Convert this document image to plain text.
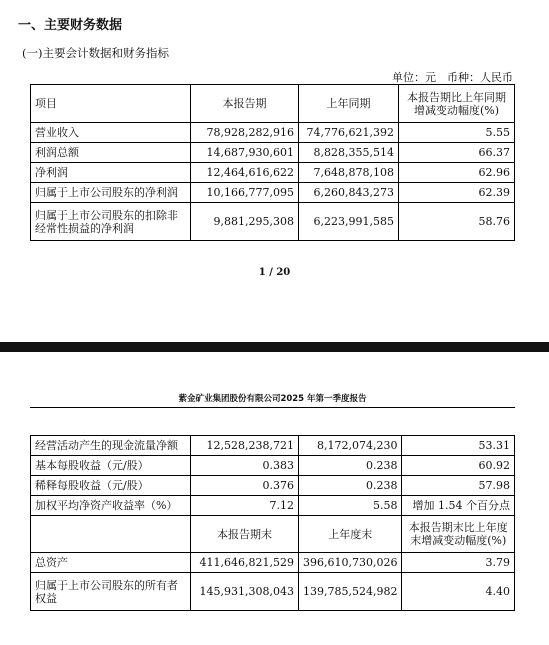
一、主要财务数据
(一)主要会计数据和财务指标
单位：元　币种：人民币
项目	本报告期	上年同期	本报告期比上年同期增减变动幅度(%)
营业收入	78,928,282,916	74,776,621,392	5.55
利润总额	14,687,930,601	8,828,355,514	66.37
净利润	12,464,616,622	7,648,878,108	62.96
归属于上市公司股东的净利润	10,166,777,095	6,260,843,273	62.39
归属于上市公司股东的扣除非经常性损益的净利润	9,881,295,308	6,223,991,585	58.76
1 / 20
紫金矿业集团股份有限公司2025 年第一季度报告
经营活动产生的现金流量净额	12,528,238,721	8,172,074,230	53.31
基本每股收益（元/股）	0.383	0.238	60.92
稀释每股收益（元/股）	0.376	0.238	57.98
加权平均净资产收益率（%）	7.12	5.58	增加 1.54 个百分点
	本报告期末	上年度末	本报告期末比上年度末增减变动幅度(%)
总资产	411,646,821,529	396,610,730,026	3.79
归属于上市公司股东的所有者权益	145,931,308,043	139,785,524,982	4.40
